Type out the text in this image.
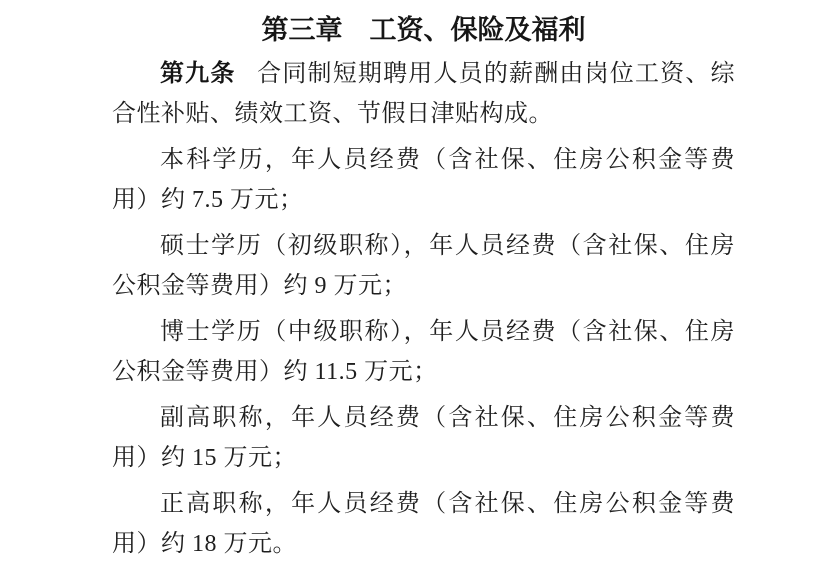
第三章　工资、保险及福利

第九条 合同制短期聘用人员的薪酬由岗位工资、综合性补贴、绩效工资、节假日津贴构成。

本科学历，年人员经费（含社保、住房公积金等费用）约 7.5 万元；

硕士学历（初级职称），年人员经费（含社保、住房公积金等费用）约 9 万元；

博士学历（中级职称），年人员经费（含社保、住房公积金等费用）约 11.5 万元；

副高职称，年人员经费（含社保、住房公积金等费用）约 15 万元；

正高职称，年人员经费（含社保、住房公积金等费用）约 18 万元。
